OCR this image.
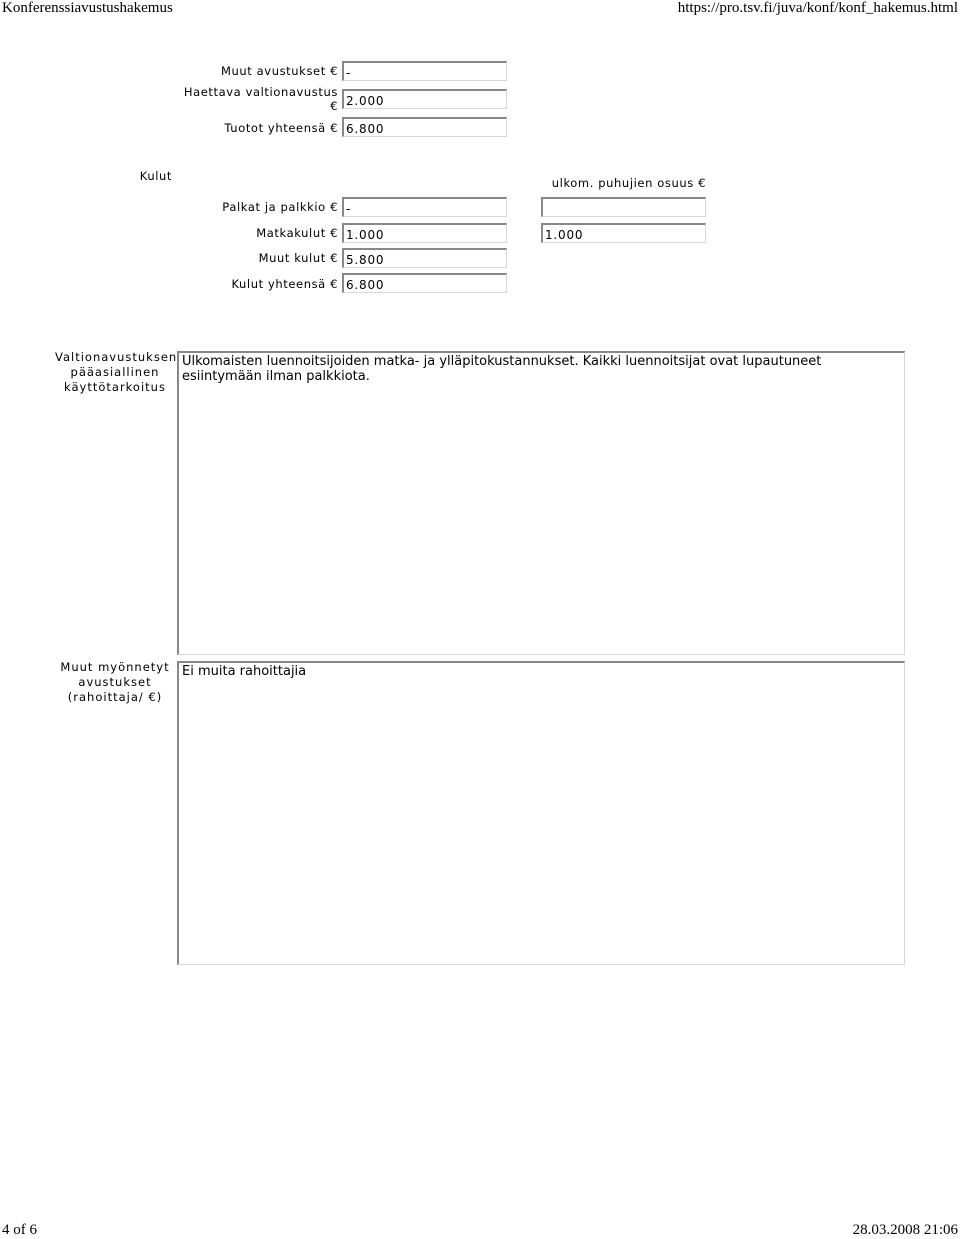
Konferenssiavustushakemus	https://pro.tsv.fi/juva/konf/konf_hakemus.html
Muut avustukset € -
Haettava valtionavustus
€ 2.000
Tuotot yhteensä € 6.800
Kulut	ulkom. puhujien osuus €
Palkat ja palkkio € -
Matkakulut € 1.000	1.000
Muut kulut € 5.800
Kulut yhteensä € 6.800
Valtionavustuksen
pääasiallinen
käyttötarkoitus
Ulkomaisten luennoitsijoiden matka- ja ylläpitokustannukset. Kaikki luennoitsijat ovat lupautuneet esiintymään ilman palkkiota.
Muut myönnetyt
avustukset
(rahoittaja/ €)
Ei muita rahoittajia
4 of 6	28.03.2008 21:06
